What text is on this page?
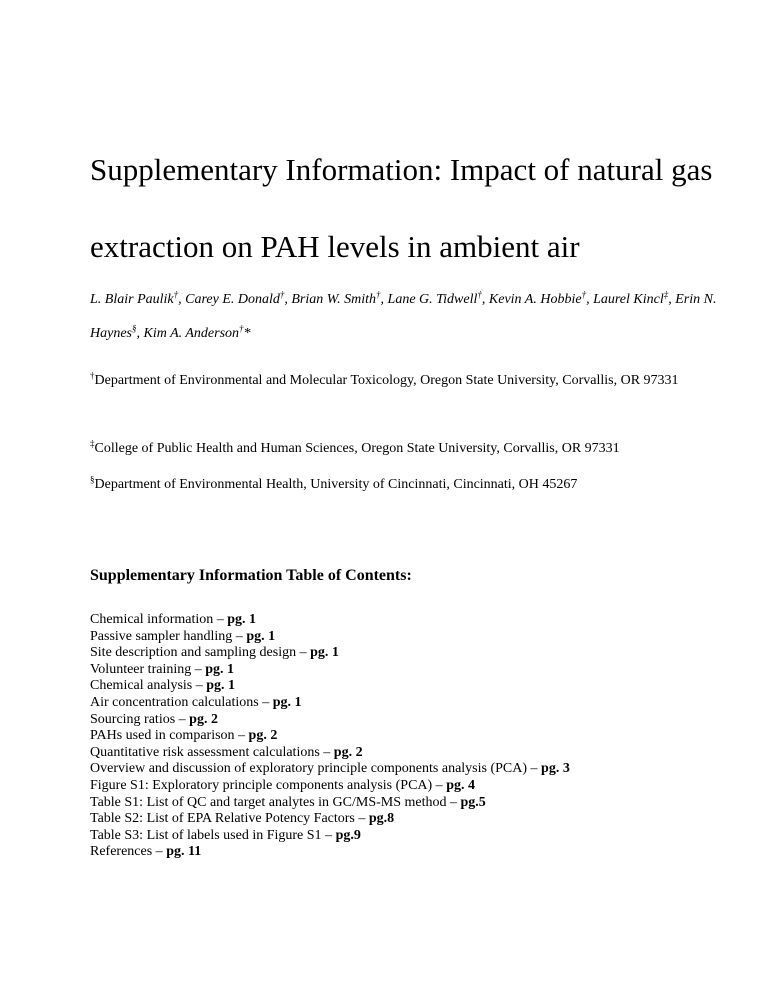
Supplementary Information: Impact of natural gas extraction on PAH levels in ambient air
L. Blair Paulik†, Carey E. Donald†, Brian W. Smith†, Lane G. Tidwell†, Kevin A. Hobbie†, Laurel Kincl‡, Erin N. Haynes§, Kim A. Anderson†*
†Department of Environmental and Molecular Toxicology, Oregon State University, Corvallis, OR 97331
‡College of Public Health and Human Sciences, Oregon State University, Corvallis, OR 97331
§Department of Environmental Health, University of Cincinnati, Cincinnati, OH 45267
Supplementary Information Table of Contents:
Chemical information – pg. 1
Passive sampler handling – pg. 1
Site description and sampling design – pg. 1
Volunteer training – pg. 1
Chemical analysis – pg. 1
Air concentration calculations – pg. 1
Sourcing ratios – pg. 2
PAHs used in comparison – pg. 2
Quantitative risk assessment calculations – pg. 2
Overview and discussion of exploratory principle components analysis (PCA) – pg. 3
Figure S1: Exploratory principle components analysis (PCA) – pg. 4
Table S1: List of QC and target analytes in GC/MS-MS method – pg.5
Table S2: List of EPA Relative Potency Factors – pg.8
Table S3: List of labels used in Figure S1 – pg.9
References – pg. 11
